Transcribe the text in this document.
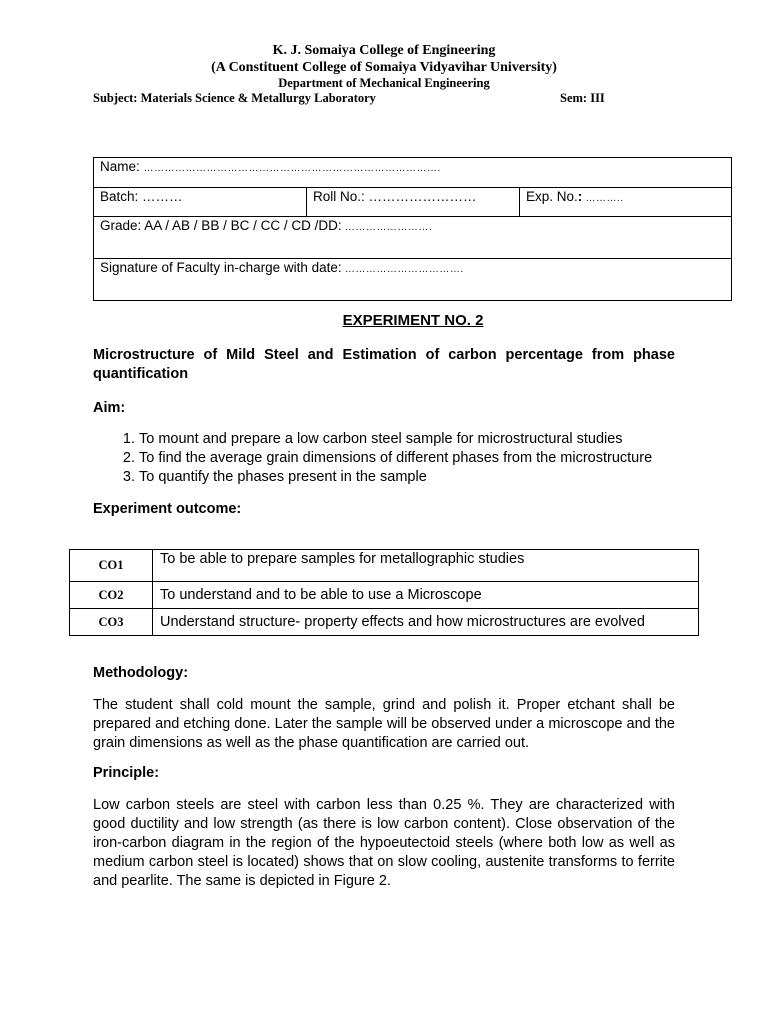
K. J. Somaiya College of Engineering
(A Constituent College of Somaiya Vidyavihar University)
Department of Mechanical Engineering
Subject: Materials Science & Metallurgy Laboratory	Sem: III
Name: ………………………………………………………………………….
Batch: ………	Roll No.: ……………………	Exp. No.: ………..
Grade: AA / AB / BB / BC / CC / CD /DD: …………………….
Signature of Faculty in-charge with date: …………………………….
EXPERIMENT NO. 2

Microstructure of Mild Steel and Estimation of carbon percentage from phase quantification

Aim:

1. To mount and prepare a low carbon steel sample for microstructural studies
2. To find the average grain dimensions of different phases from the microstructure
3. To quantify the phases present in the sample

Experiment outcome:

CO1	To be able to prepare samples for metallographic studies
CO2	To understand and to be able to use a Microscope
CO3	Understand structure- property effects and how microstructures are evolved

Methodology:

The student shall cold mount the sample, grind and polish it. Proper etchant shall be prepared and etching done. Later the sample will be observed under a microscope and the grain dimensions as well as the phase quantification are carried out.

Principle:

Low carbon steels are steel with carbon less than 0.25 %. They are characterized with good ductility and low strength (as there is low carbon content). Close observation of the iron-carbon diagram in the region of the hypoeutectoid steels (where both low as well as medium carbon steel is located) shows that on slow cooling, austenite transforms to ferrite and pearlite. The same is depicted in Figure 2.
